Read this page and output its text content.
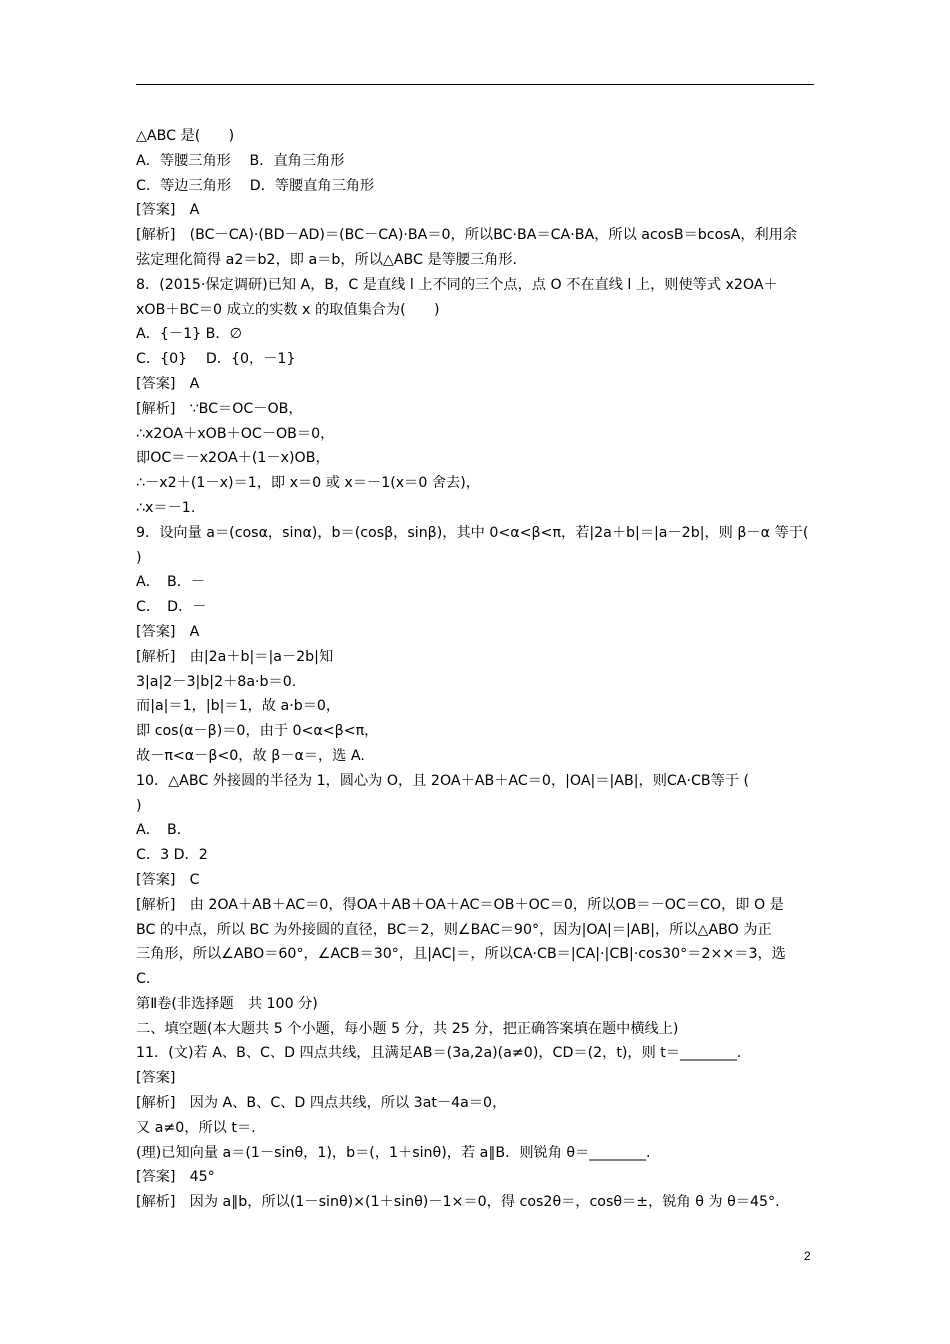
△ABC 是(　　)
A．等腰三角形　 B．直角三角形
C．等边三角形　 D．等腰直角三角形
[答案]　A
[解析]　(BC－CA)·(BD－AD)＝(BC－CA)·BA＝0，所以BC·BA＝CA·BA，所以 acosB＝bcosA，利用余
弦定理化简得 a2＝b2，即 a＝b，所以△ABC 是等腰三角形．
8．(2015·保定调研)已知 A，B，C 是直线 l 上不同的三个点，点 O 不在直线 l 上，则使等式 x2OA＋
xOB＋BC＝0 成立的实数 x 的取值集合为(　　)
A．{－1} B．∅
C．{0}　 D．{0，－1}
[答案]　A
[解析]　∵BC＝OC－OB，
∴x2OA＋xOB＋OC－OB＝0，
即OC＝－x2OA＋(1－x)OB，
∴－x2＋(1－x)＝1，即 x＝0 或 x＝－1(x＝0 舍去)，
∴x＝－1.
9．设向量 a＝(cosα，sinα)，b＝(cosβ，sinβ)，其中 0<α<β<π，若|2a＋b|＝|a－2b|，则 β－α 等于(
)
A．　B．－
C．　D．－
[答案]　A
[解析]　由|2a＋b|＝|a－2b|知
3|a|2－3|b|2＋8a·b＝0.
而|a|＝1，|b|＝1，故 a·b＝0，
即 cos(α－β)＝0，由于 0<α<β<π，
故－π<α－β<0，故 β－α＝，选 A.
10．△ABC 外接圆的半径为 1，圆心为 O，且 2OA＋AB＋AC＝0，|OA|＝|AB|，则CA·CB等于 (
)
A．　B．
C．3 D．2
[答案]　C
[解析]　由 2OA＋AB＋AC＝0，得OA＋AB＋OA＋AC＝OB＋OC＝0，所以OB＝－OC＝CO，即 O 是
BC 的中点，所以 BC 为外接圆的直径，BC＝2，则∠BAC＝90°，因为|OA|＝|AB|，所以△ABO 为正
三角形，所以∠ABO＝60°，∠ACB＝30°，且|AC|＝，所以CA·CB＝|CA|·|CB|·cos30°＝2××＝3，选
C.
第Ⅱ卷(非选择题　共 100 分)
二、填空题(本大题共 5 个小题，每小题 5 分，共 25 分，把正确答案填在题中横线上)
11．(文)若 A、B、C、D 四点共线，且满足AB＝(3a,2a)(a≠0)，CD＝(2，t)，则 t＝________.
[答案]
[解析]　因为 A、B、C、D 四点共线，所以 3at－4a＝0，
又 a≠0，所以 t＝.
(理)已知向量 a＝(1－sinθ，1)，b＝(，1＋sinθ)，若 a∥B．则锐角 θ＝________.
[答案]　45°
[解析]　因为 a∥b，所以(1－sinθ)×(1＋sinθ)－1×＝0，得 cos2θ＝，cosθ＝±，锐角 θ 为 θ＝45°.
2
